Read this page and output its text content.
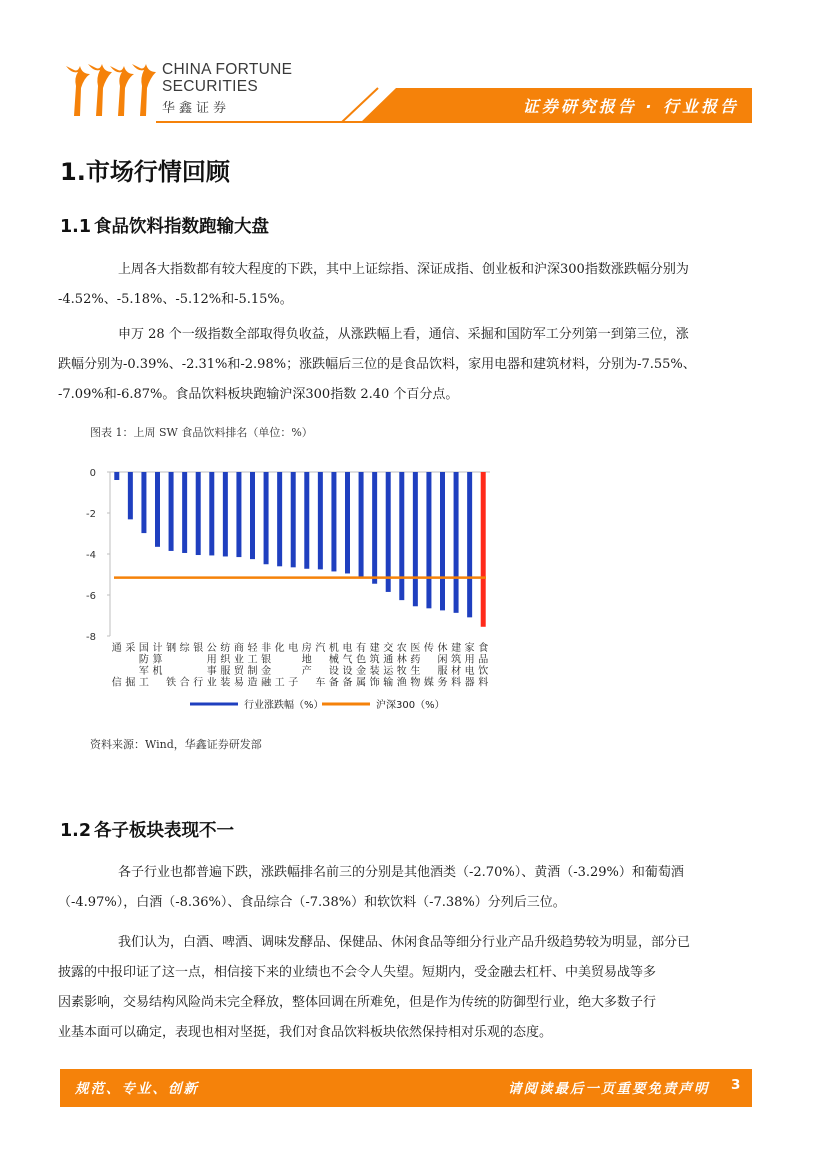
CHINA FORTUNE
SECURITIES
华鑫证券	证券研究报告 · 行业报告
1.市场行情回顾
1.1 食品饮料指数跑输大盘
上周各大指数都有较大程度的下跌，其中上证综指、深证成指、创业板和沪深300指数涨跌幅分别为
-4.52%、-5.18%、-5.12%和-5.15%。
申万 28 个一级指数全部取得负收益，从涨跌幅上看，通信、采掘和国防军工分列第一到第三位，涨
跌幅分别为-0.39%、-2.31%和-2.98%；涨跌幅后三位的是食品饮料，家用电器和建筑材料，分别为-7.55%、
-7.09%和-6.87%。食品饮料板块跑输沪深300指数 2.40 个百分点。
图表 1：上周 SW 食品饮料排名（单位：%）
0
-2
-4
-6
-8
通信
采掘
国防军工
计算机
钢铁
综合
银行
公用事业
纺织服装
商业贸易
轻工制造
非银金融
化工
电子
房地产
汽车
机械设备
电气设备
有色金属
建筑装饰
交通运输
农林牧渔
医药生物
传媒
休闲服务
建筑材料
家用电器
食品饮料
行业涨跌幅（%）	沪深300（%）
资料来源：Wind，华鑫证券研发部
1.2 各子板块表现不一
各子行业也都普遍下跌，涨跌幅排名前三的分别是其他酒类（-2.70%）、黄酒（-3.29%）和葡萄酒
（-4.97%），白酒（-8.36%）、食品综合（-7.38%）和软饮料（-7.38%）分列后三位。
我们认为，白酒、啤酒、调味发酵品、保健品、休闲食品等细分行业产品升级趋势较为明显，部分已
披露的中报印证了这一点，相信接下来的业绩也不会令人失望。短期内，受金融去杠杆、中美贸易战等多
因素影响，交易结构风险尚未完全释放，整体回调在所难免，但是作为传统的防御型行业，绝大多数子行
业基本面可以确定，表现也相对坚挺，我们对食品饮料板块依然保持相对乐观的态度。
规范、专业、创新	请阅读最后一页重要免责声明 3
